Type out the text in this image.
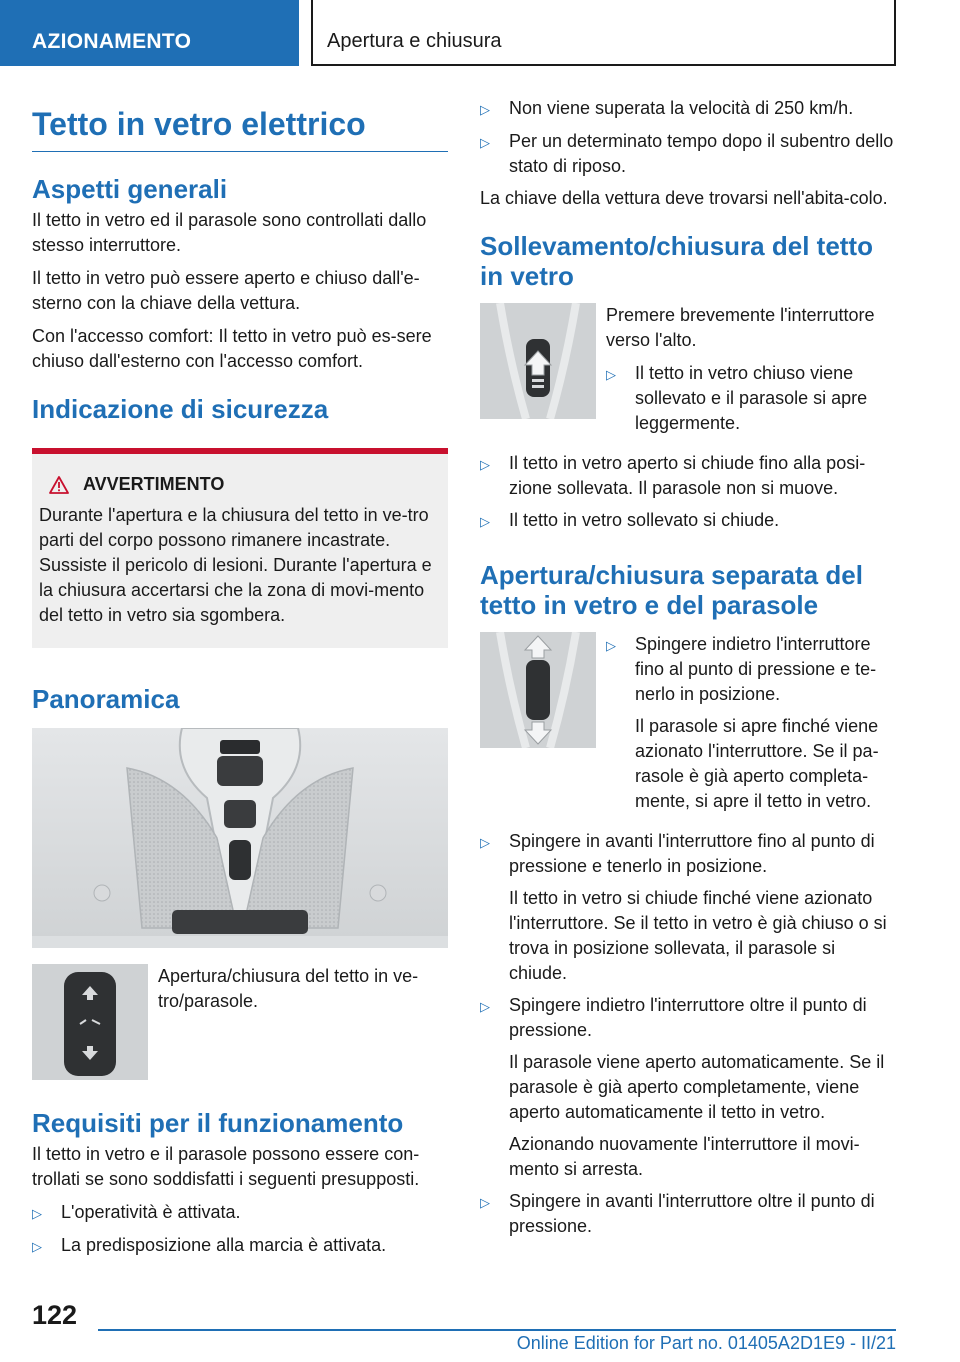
AZIONAMENTO	Apertura e chiusura
Tetto in vetro elettrico
Aspetti generali

Il tetto in vetro ed il parasole sono controllati dallo stesso interruttore.

Il tetto in vetro può essere aperto e chiuso dall'e-sterno con la chiave della vettura.

Con l'accesso comfort: Il tetto in vetro può es-sere chiuso dall'esterno con l'accesso comfort.

Indicazione di sicurezza
AVVERTIMENTO
Durante l'apertura e la chiusura del tetto in ve-tro parti del corpo possono rimanere incastrate. Sussiste il pericolo di lesioni. Durante l'apertura e la chiusura accertarsi che la zona di movi-mento del tetto in vetro sia sgombera.
Panoramica

Apertura/chiusura del tetto in ve-tro/parasole.

Requisiti per il funzionamento

Il tetto in vetro e il parasole possono essere con-trollati se sono soddisfatti i seguenti presupposti.

▷	L'operatività è attivata.
▷	La predisposizione alla marcia è attivata.
▷	Non viene superata la velocità di 250 km/h.
▷	Per un determinato tempo dopo il subentro dello stato di riposo.

La chiave della vettura deve trovarsi nell'abita-colo.

Sollevamento/chiusura del tetto in vetro

Premere brevemente l'interruttore verso l'alto.

▷	Il tetto in vetro chiuso viene sollevato e il parasole si apre leggermente.
▷	Il tetto in vetro aperto si chiude fino alla posi-zione sollevata. Il parasole non si muove.
▷	Il tetto in vetro sollevato si chiude.
Apertura/chiusura separata del tetto in vetro e del parasole
▷	Spingere indietro l'interruttore fino al punto di pressione e te-nerlo in posizione.

Il parasole si apre finché viene azionato l'interruttore. Se il pa-rasole è già aperto completa-mente, si apre il tetto in vetro.

▷	Spingere in avanti l'interruttore fino al punto di pressione e tenerlo in posizione.

Il tetto in vetro si chiude finché viene azionato l'interruttore. Se il tetto in vetro è già chiuso o si trova in posizione sollevata, il parasole si chiude.

▷	Spingere indietro l'interruttore oltre il punto di pressione.

Il parasole viene aperto automaticamente. Se il parasole è già aperto completamente, viene aperto automaticamente il tetto in vetro.

Azionando nuovamente l'interruttore il movi-mento si arresta.

▷	Spingere in avanti l'interruttore oltre il punto di pressione.
122
Online Edition for Part no. 01405A2D1E9 - II/21
